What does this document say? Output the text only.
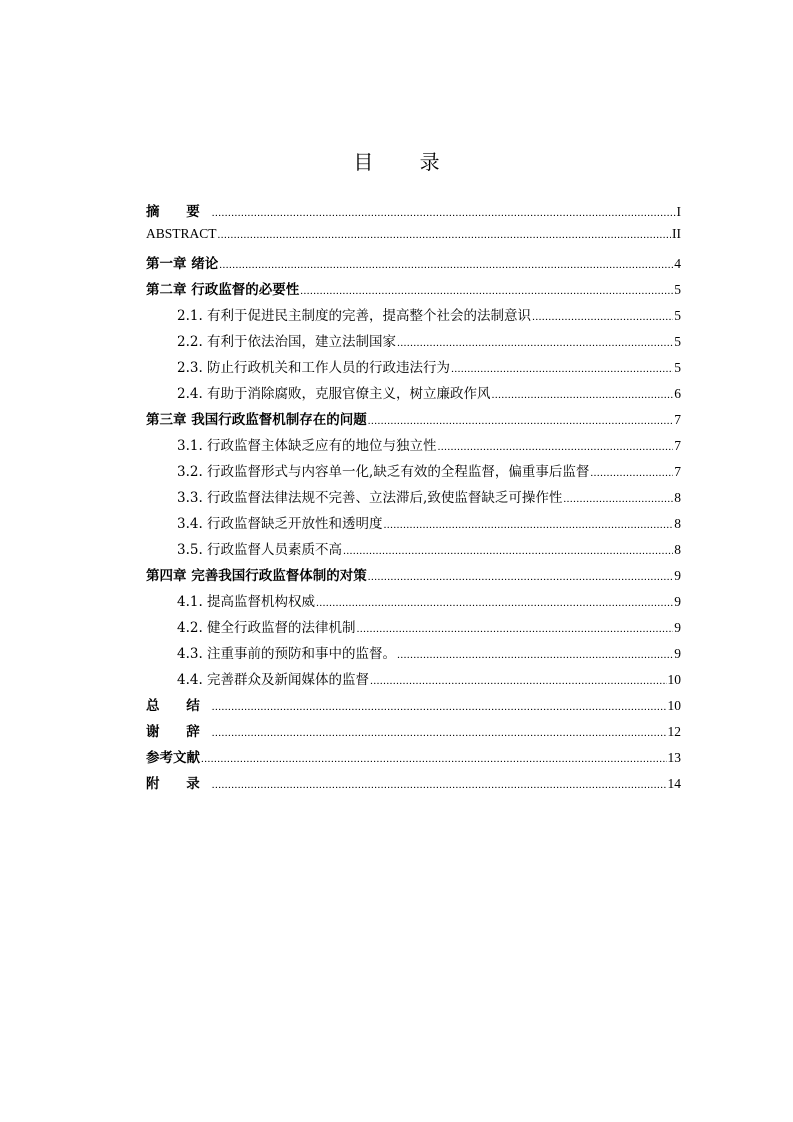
目 录
摘 要 .....	I
ABSTRACT .....	II
第一章 绪论 .....	4
第二章 行政监督的必要性 .....	5
2.1. 有利于促进民主制度的完善，提高整个社会的法制意识 .....	5
2.2. 有利于依法治国，建立法制国家 .....	5
2.3. 防止行政机关和工作人员的行政违法行为 .....	5
2.4. 有助于消除腐败，克服官僚主义，树立廉政作风 .....	6
第三章 我国行政监督机制存在的问题 .....	7
3.1. 行政监督主体缺乏应有的地位与独立性 .....	7
3.2. 行政监督形式与内容单一化,缺乏有效的全程监督，偏重事后监督 .....	7
3.3. 行政监督法律法规不完善、立法滞后,致使监督缺乏可操作性 .....	8
3.4. 行政监督缺乏开放性和透明度 .....	8
3.5. 行政监督人员素质不高 .....	8
第四章 完善我国行政监督体制的对策 .....	9
4.1. 提高监督机构权威 .....	9
4.2. 健全行政监督的法律机制 .....	9
4.3. 注重事前的预防和事中的监督。 .....	9
4.4. 完善群众及新闻媒体的监督 .....	10
总 结 .....	10
谢 辞 .....	12
参考文献 .....	13
附 录 .....	14
